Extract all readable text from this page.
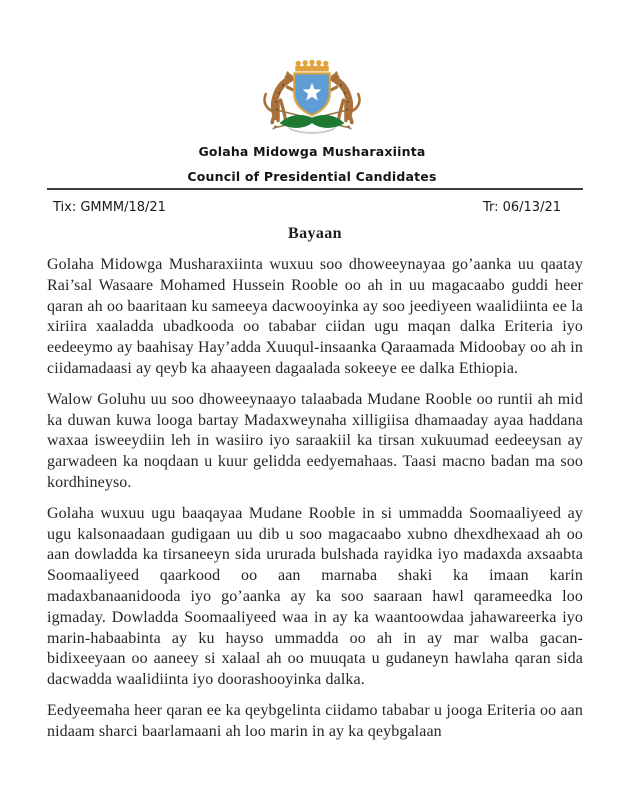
Golaha Midowga Musharaxiinta
Council of Presidential Candidates
Tix: GMMM/18/21	Tr: 06/13/21
Bayaan

Golaha Midowga Musharaxiinta wuxuu soo dhoweeynayaa go’aanka uu qaatay Rai’sal Wasaare Mohamed Hussein Rooble oo ah in uu magacaabo guddi heer qaran ah oo baaritaan ku sameeya dacwooyinka ay soo jeediyeen waalidiinta ee la xiriira xaaladda ubadkooda oo tababar ciidan ugu maqan dalka Eriteria iyo eedeeymo ay baahisay Hay’adda Xuuqul-insaanka Qaraamada Midoobay oo ah in ciidamadaasi ay qeyb ka ahaayeen dagaalada sokeeye ee dalka Ethiopia.

Walow Goluhu uu soo dhoweeynaayo talaabada Mudane Rooble oo runtii ah mid ka duwan kuwa looga bartay Madaxweynaha xilligiisa dhamaaday ayaa haddana waxaa isweeydiin leh in wasiiro iyo saraakiil ka tirsan xukuumad eedeeysan ay garwadeen ka noqdaan u kuur gelidda eedyemahaas. Taasi macno badan ma soo kordhineyso.

Golaha wuxuu ugu baaqayaa Mudane Rooble in si ummadda Soomaaliyeed ay ugu kalsonaadaan gudigaan uu dib u soo magacaabo xubno dhexdhexaad ah oo aan dowladda ka tirsaneeyn sida ururada bulshada rayidka iyo madaxda axsaabta Soomaaliyeed qaarkood oo aan marnaba shaki ka imaan karin madaxbanaanidooda iyo go’aanka ay ka soo saaraan hawl qarameedka loo igmaday. Dowladda Soomaaliyeed waa in ay ka waantoowdaa jahawareerka iyo marin-habaabinta ay ku hayso ummadda oo ah in ay mar walba gacan-bidixeeyaan oo aaneey si xalaal ah oo muuqata u gudaneyn hawlaha qaran sida dacwadda waalidiinta iyo doorashooyinka dalka.

Eedyeemaha heer qaran ee ka qeybgelinta ciidamo tababar u jooga Eriteria oo aan nidaam sharci baarlamaani ah loo marin in ay ka qeybgalaan
